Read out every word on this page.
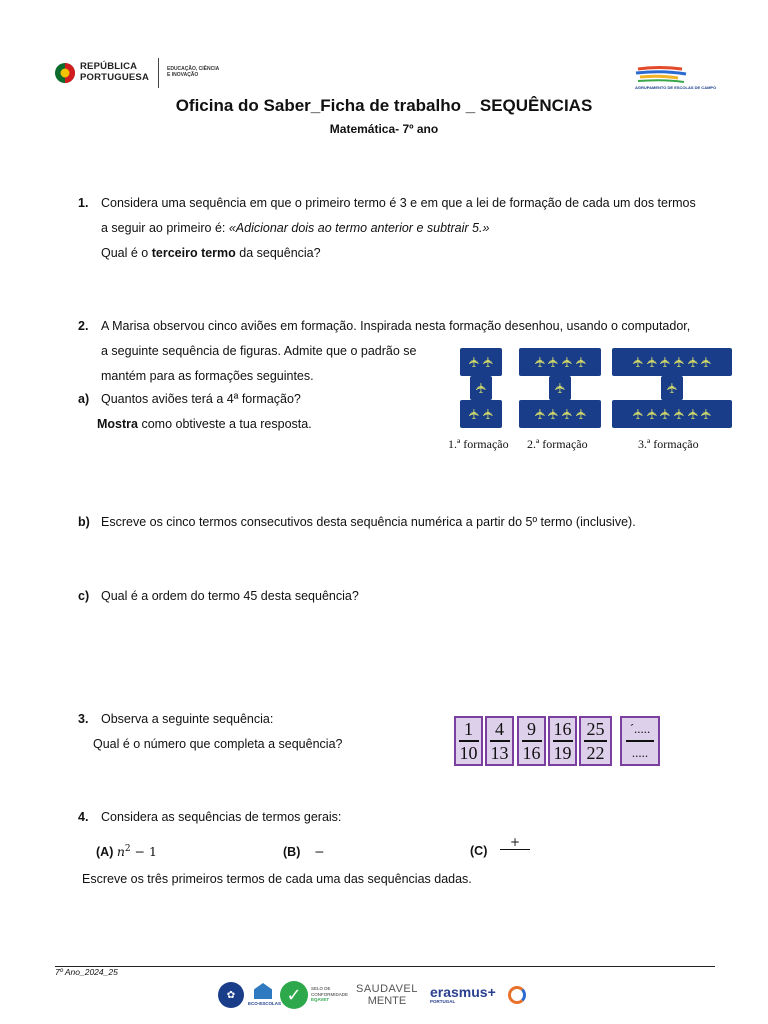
REPÚBLICA
PORTUGUESA
EDUCAÇÃO, CIÊNCIA
E INOVAÇÃO
AGRUPAMENTO DE ESCOLAS DE CAMPO
Oficina do Saber_Ficha de trabalho _ SEQUÊNCIAS
Matemática- 7º ano
1. Considera uma sequência em que o primeiro termo é 3 e em que a lei de formação de cada um dos termos
a seguir ao primeiro é: «Adicionar dois ao termo anterior e subtrair 5.»
Qual é o terceiro termo da sequência?
2. A Marisa observou cinco aviões em formação. Inspirada nesta formação desenhou, usando o computador,
a seguinte sequência de figuras. Admite que o padrão se
mantém para as formações seguintes.
a) Quantos aviões terá a 4ª formação?
Mostra como obtiveste a tua resposta.
✈
✈
✈
✈
✈
✈
✈
✈
✈
✈
✈
✈
✈
✈
✈
✈
✈
✈
✈
✈
✈
✈
✈
✈
✈
✈
✈
1.ª formação 2.ª formação	3.ª formação
b) Escreve os cinco termos consecutivos desta sequência numérica a partir do 5º termo (inclusive).
c) Qual é a ordem do termo 45 desta sequência?
3. Observa a seguinte sequência:
Qual é o número que completa a sequência?
1
10
4
13
9
16
16
19
25
22
´.....
.....
4. Considera as sequências de termos gerais:
(A) $n^2 - 1$	(B) −	(C)
+
Escreve os três primeiros termos de cada uma das sequências dadas.
7º Ano_2024_25
✿
ECO-ESCOLAS ✓	SELO DE
CONFORMIDADE
EQAVET
SAUDAVEL
MENTE
erasmus+
PORTUGAL
